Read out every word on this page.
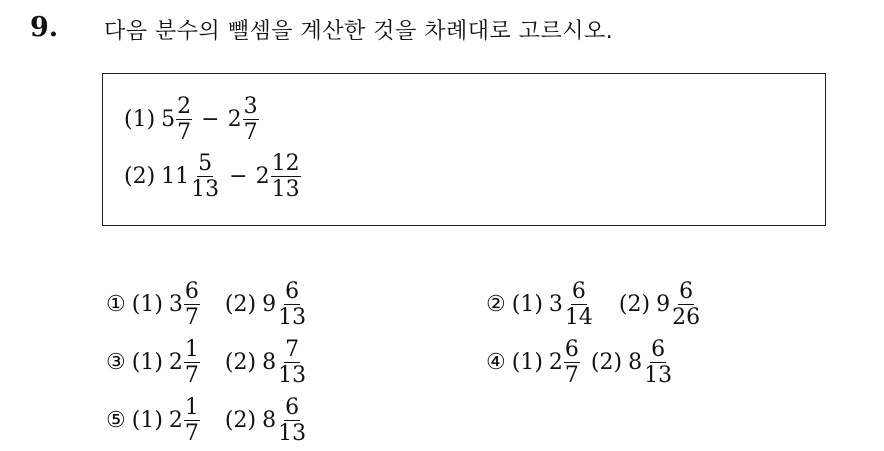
9. 다음 분수의 뺄셈을 계산한 것을 차례대로 고르시오.
(1) $5 \frac{2}{7} - 2 \frac{3}{7}$
(2) $11 \frac{5}{13} - 2 \frac{12}{13}$
① (1) $3 \frac{6}{7} (2)$ $9 \frac{6}{13}$	② (1) $3 \frac{6}{14} (2)$ $9 \frac{6}{26}$
③ (1) $2 \frac{1}{7} (2)$ $8 \frac{7}{13}$	④ (1) $2 \frac{6}{7} (2)$ $8 \frac{6}{13}$
⑤ (1) $2 \frac{1}{7} (2)$ $8 \frac{6}{13}$
